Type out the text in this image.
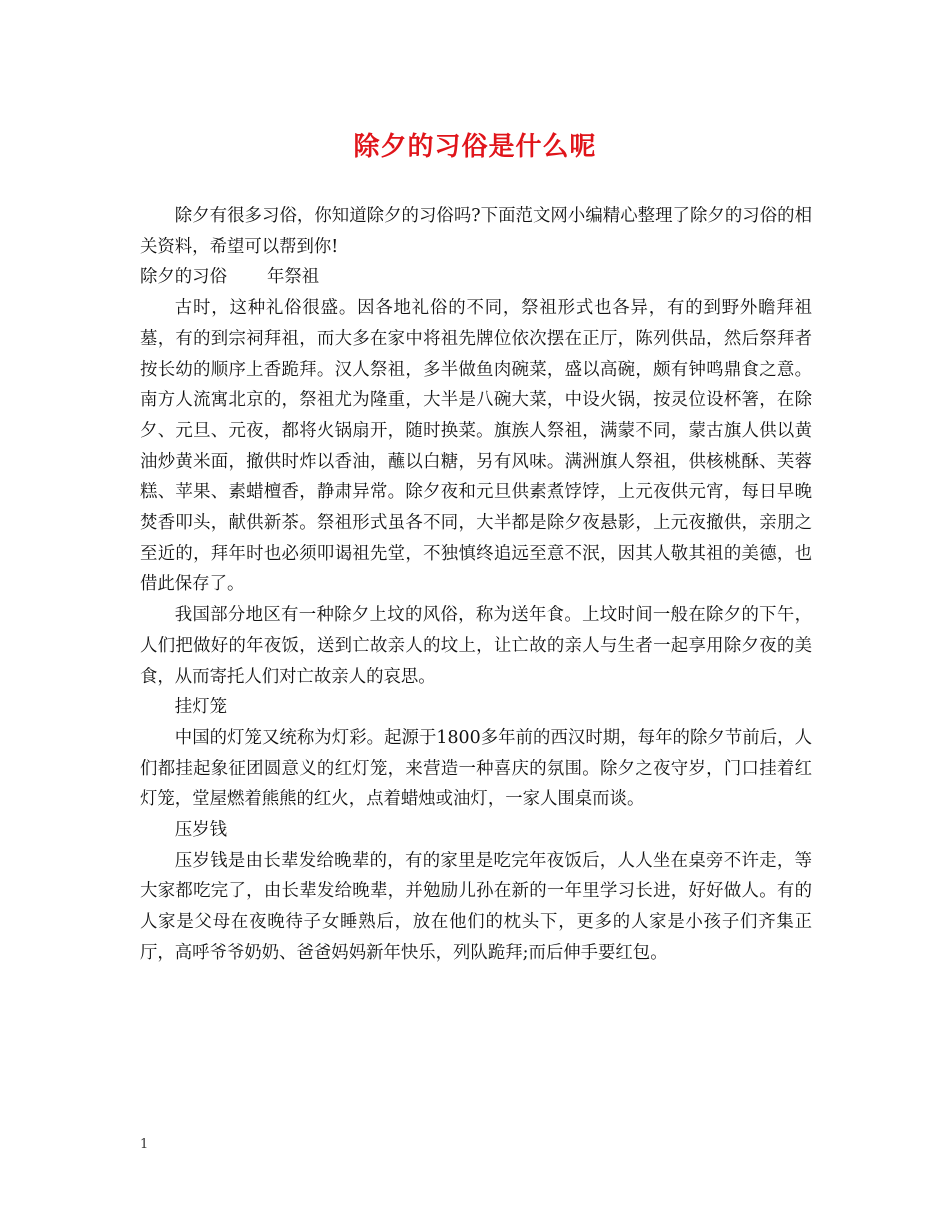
除夕的习俗是什么呢

除夕有很多习俗，你知道除夕的习俗吗?下面范文网小编精心整理了除夕的习俗的相关资料，希望可以帮到你!

除夕的习俗 年祭祖

古时，这种礼俗很盛。因各地礼俗的不同，祭祖形式也各异，有的到野外瞻拜祖墓，有的到宗祠拜祖，而大多在家中将祖先牌位依次摆在正厅，陈列供品，然后祭拜者按长幼的顺序上香跪拜。汉人祭祖，多半做鱼肉碗菜，盛以高碗，颇有钟鸣鼎食之意。南方人流寓北京的，祭祖尤为隆重，大半是八碗大菜，中设火锅，按灵位设杯箸，在除夕、元旦、元夜，都将火锅扇开，随时换菜。旗族人祭祖，满蒙不同，蒙古旗人供以黄油炒黄米面，撤供时炸以香油，蘸以白糖，另有风味。满洲旗人祭祖，供核桃酥、芙蓉糕、苹果、素蜡檀香，静肃异常。除夕夜和元旦供素煮饽饽，上元夜供元宵，每日早晚焚香叩头，献供新茶。祭祖形式虽各不同，大半都是除夕夜悬影，上元夜撤供，亲朋之至近的，拜年时也必须叩谒祖先堂，不独慎终追远至意不泯，因其人敬其祖的美德，也借此保存了。

我国部分地区有一种除夕上坟的风俗，称为送年食。上坟时间一般在除夕的下午，人们把做好的年夜饭，送到亡故亲人的坟上，让亡故的亲人与生者一起享用除夕夜的美食，从而寄托人们对亡故亲人的哀思。

挂灯笼

中国的灯笼又统称为灯彩。起源于1800多年前的西汉时期，每年的除夕节前后，人们都挂起象征团圆意义的红灯笼，来营造一种喜庆的氛围。除夕之夜守岁，门口挂着红灯笼，堂屋燃着熊熊的红火，点着蜡烛或油灯，一家人围桌而谈。

压岁钱

压岁钱是由长辈发给晚辈的，有的家里是吃完年夜饭后，人人坐在桌旁不许走，等大家都吃完了，由长辈发给晚辈，并勉励儿孙在新的一年里学习长进，好好做人。有的人家是父母在夜晚待子女睡熟后，放在他们的枕头下，更多的人家是小孩子们齐集正厅，高呼爷爷奶奶、爸爸妈妈新年快乐，列队跪拜;而后伸手要红包。

1
